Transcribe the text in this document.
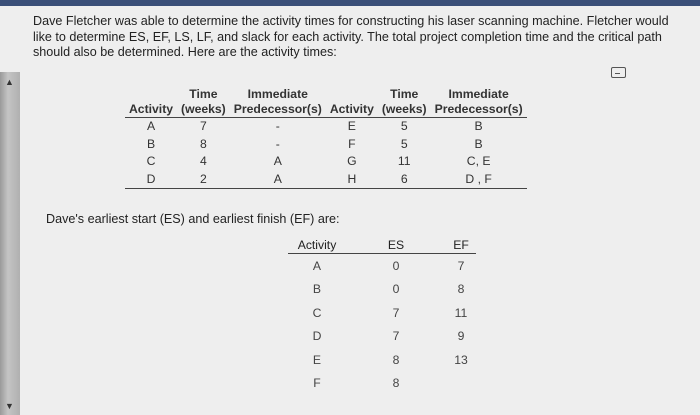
▲
▼
Dave Fletcher was able to determine the activity times for constructing his laser scanning machine. Fletcher would
like to determine ES, EF, LS, LF, and slack for each activity. The total project completion time and the critical path
should also be determined. Here are the activity times:
	Time	Immediate		Time	Immediate
Activity	(weeks)	Predecessor(s)	Activity	(weeks)	Predecessor(s)
A	7	-	E	5	B
B	8	-	F	5	B
C	4	A	G	11	C, E
D	2	A	H	6	D , F
Dave's earliest start (ES) and earliest finish (EF) are:
Activity	ES	EF
A	0	7
B	0	8
C	7	11
D	7	9
E	8	13
F	8	
